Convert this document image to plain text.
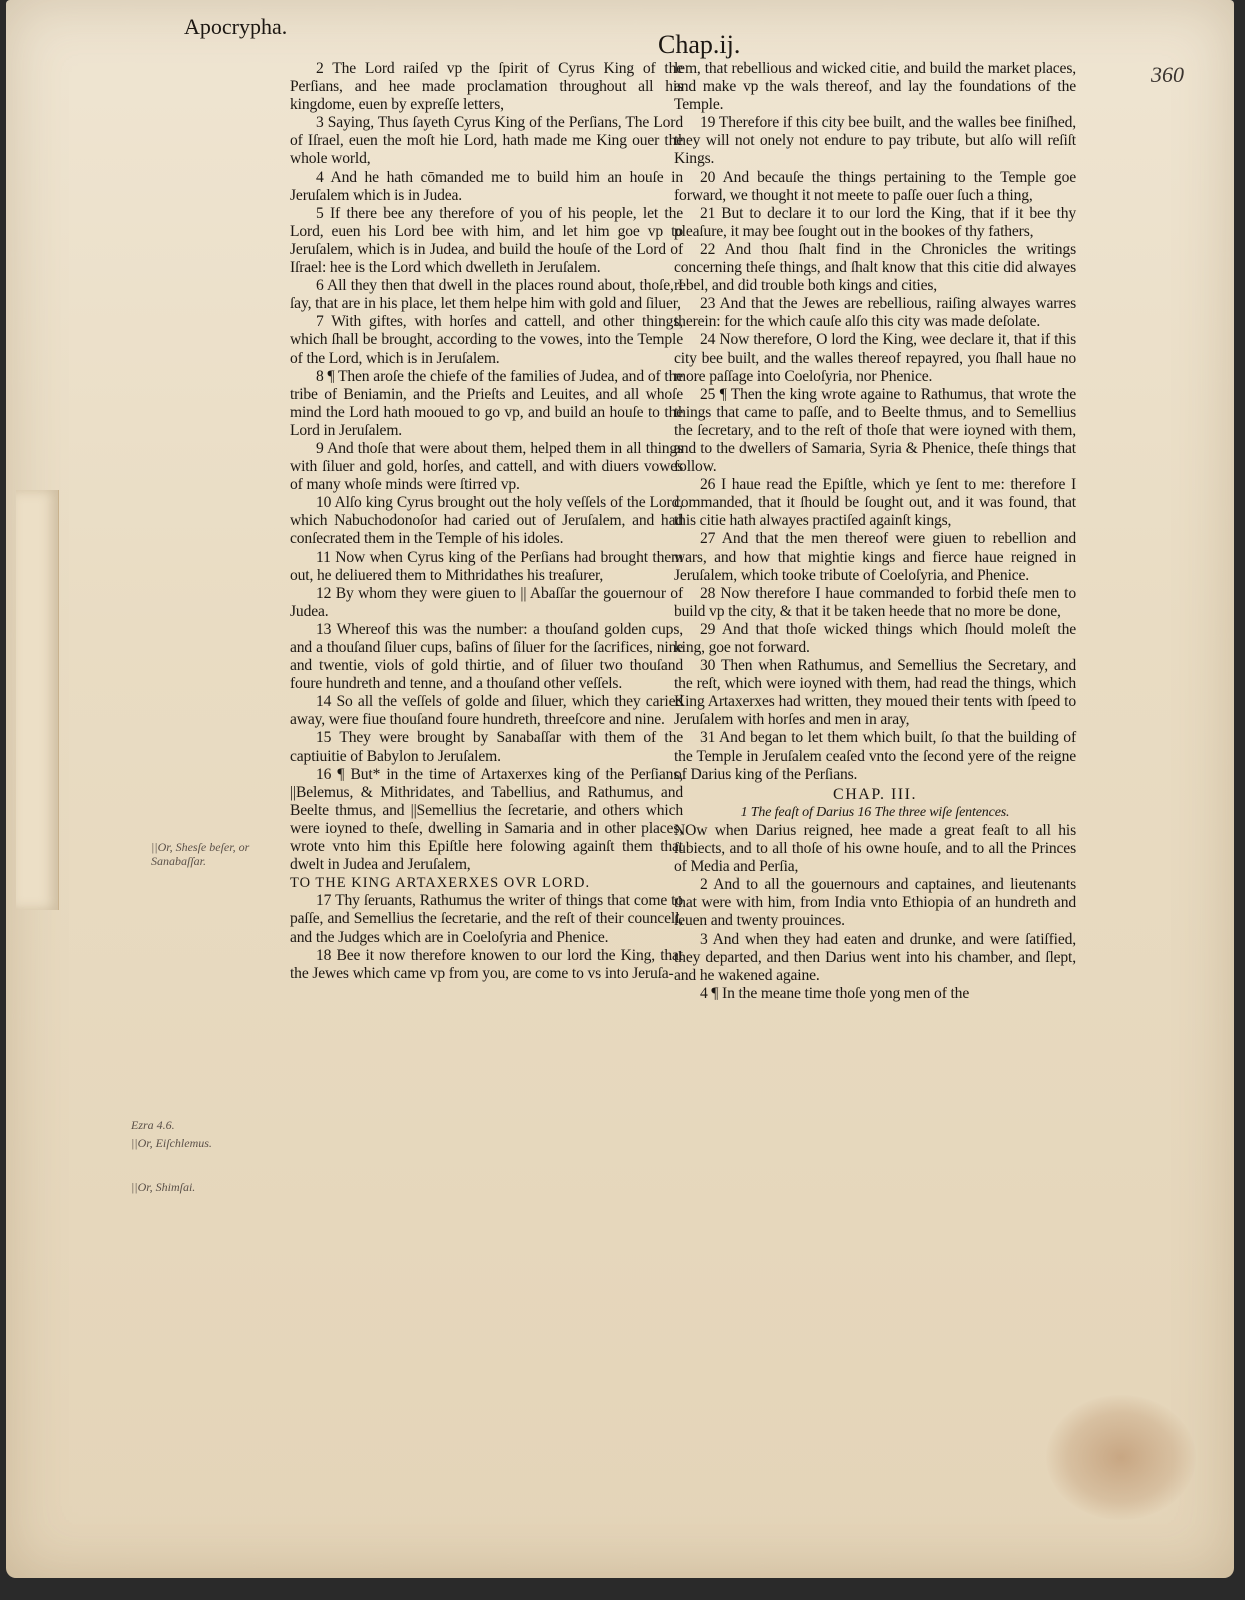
Apocrypha.
Chap.ij.
360
||Or, Shesſe beſer, or Sanabaſſar.
Ezra 4.6.
||Or, Eiſchlemus.
||Or, Shimſai.

2 The Lord raiſed vp the ſpirit of Cyrus King of the Perſians, and hee made proclamation throughout all his kingdome, euen by expreſſe letters,

3 Saying, Thus ſayeth Cyrus King of the Perſians, The Lord of Iſrael, euen the moſt hie Lord, hath made me King ouer the whole world,

4 And he hath cōmanded me to build him an houſe in Jeruſalem which is in Judea.

5 If there bee any therefore of you of his people, let the Lord, euen his Lord bee with him, and let him goe vp to Jeruſalem, which is in Judea, and build the houſe of the Lord of Iſrael: hee is the Lord which dwelleth in Jeruſalem.

6 All they then that dwell in the places round about, thoſe, I ſay, that are in his place, let them helpe him with gold and ſiluer,

7 With giftes, with horſes and cattell, and other things, which ſhall be brought, according to the vowes, into the Temple of the Lord, which is in Jeruſalem.

8 ¶ Then aroſe the chiefe of the families of Judea, and of the tribe of Beniamin, and the Prieſts and Leuites, and all whoſe mind the Lord hath mooued to go vp, and build an houſe to the Lord in Jeruſalem.

9 And thoſe that were about them, helped them in all things with ſiluer and gold, horſes, and cattell, and with diuers vowes of many whoſe minds were ſtirred vp.

10 Alſo king Cyrus brought out the holy veſſels of the Lord, which Nabuchodonoſor had caried out of Jeruſalem, and had conſecrated them in the Temple of his idoles.

11 Now when Cyrus king of the Perſians had brought them out, he deliuered them to Mithridathes his treaſurer,

12 By whom they were giuen to || Abaſſar the gouernour of Judea.

13 Whereof this was the number: a thouſand golden cups, and a thouſand ſiluer cups, baſins of ſiluer for the ſacrifices, nine and twentie, viols of gold thirtie, and of ſiluer two thouſand foure hundreth and tenne, and a thouſand other veſſels.

14 So all the veſſels of golde and ſiluer, which they caried away, were fiue thouſand foure hundreth, threeſcore and nine.

15 They were brought by Sanabaſſar with them of the captiuitie of Babylon to Jeruſalem.

16 ¶ But* in the time of Artaxerxes king of the Perſians, ||Belemus, & Mithridates, and Tabellius, and Rathumus, and Beelte thmus, and ||Semellius the ſecretarie, and others which were ioyned to theſe, dwelling in Samaria and in other places, wrote vnto him this Epiſtle here folowing againſt them that dwelt in Judea and Jeruſalem,

TO THE KING ARTAXERXES OVR LORD.

17 Thy ſeruants, Rathumus the writer of things that come to paſſe, and Semellius the ſecretarie, and the reſt of their councell, and the Judges which are in Coeloſyria and Phenice.

18 Bee it now therefore knowen to our lord the King, that the Jewes which came vp from you, are come to vs into Jeruſa-

lem, that rebellious and wicked citie, and build the market places, and make vp the wals thereof, and lay the foundations of the Temple.

19 Therefore if this city bee built, and the walles bee finiſhed, they will not onely not endure to pay tribute, but alſo will reſiſt Kings.

20 And becauſe the things pertaining to the Temple goe forward, we thought it not meete to paſſe ouer ſuch a thing,

21 But to declare it to our lord the King, that if it bee thy pleaſure, it may bee ſought out in the bookes of thy fathers,

22 And thou ſhalt find in the Chronicles the writings concerning theſe things, and ſhalt know that this citie did alwayes rebel, and did trouble both kings and cities,

23 And that the Jewes are rebellious, raiſing alwayes warres therein: for the which cauſe alſo this city was made deſolate.

24 Now therefore, O lord the King, wee declare it, that if this city bee built, and the walles thereof repayred, you ſhall haue no more paſſage into Coeloſyria, nor Phenice.

25 ¶ Then the king wrote againe to Rathumus, that wrote the things that came to paſſe, and to Beelte thmus, and to Semellius the ſecretary, and to the reſt of thoſe that were ioyned with them, and to the dwellers of Samaria, Syria & Phenice, theſe things that follow.

26 I haue read the Epiſtle, which ye ſent to me: therefore I commanded, that it ſhould be ſought out, and it was found, that this citie hath alwayes practiſed againſt kings,

27 And that the men thereof were giuen to rebellion and wars, and how that mightie kings and fierce haue reigned in Jeruſalem, which tooke tribute of Coeloſyria, and Phenice.

28 Now therefore I haue commanded to forbid theſe men to build vp the city, & that it be taken heede that no more be done,

29 And that thoſe wicked things which ſhould moleſt the king, goe not forward.

30 Then when Rathumus, and Semellius the Secretary, and the reſt, which were ioyned with them, had read the things, which King Artaxerxes had written, they moued their tents with ſpeed to Jeruſalem with horſes and men in aray,

31 And began to let them which built, ſo that the building of the Temple in Jeruſalem ceaſed vnto the ſecond yere of the reigne of Darius king of the Perſians.

CHAP. III.

1 The feaſt of Darius 16 The three wiſe ſentences.

NOw when Darius reigned, hee made a great feaſt to all his ſubiects, and to all thoſe of his owne houſe, and to all the Princes of Media and Perſia,

2 And to all the gouernours and captaines, and lieutenants that were with him, from India vnto Ethiopia of an hundreth and ſeuen and twenty prouinces.

3 And when they had eaten and drunke, and were ſatiſfied, they departed, and then Darius went into his chamber, and ſlept, and he wakened againe.

4 ¶ In the meane time thoſe yong men of the
